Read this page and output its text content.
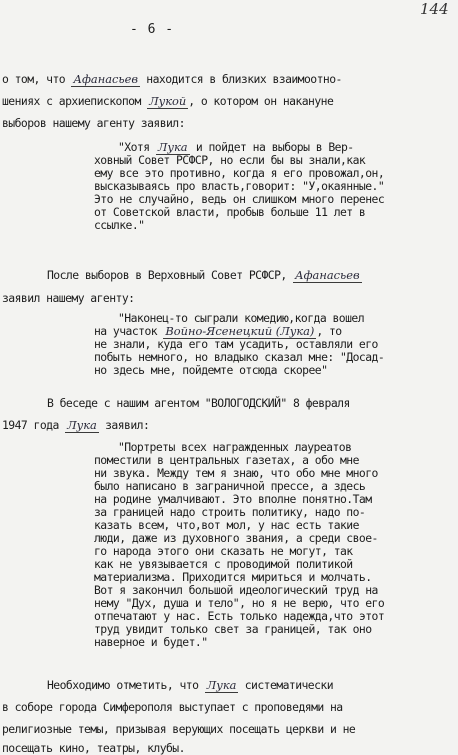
144
- 6 -
о том, что Афанасьев находится в близких взаимоотно-
шениях с архиепископом Лукой , о котором он накануне
выборов нашему агенту заявил:
"Хотя Лука и пойдет на выборы в Вер-
ховный Совет РСФСР, но если бы вы знали,как
ему все это противно, когда я его провожал,он,
высказываясь про власть,говорит: "У,окаянные."
Это не случайно, ведь он слишком много перенес
от Советской власти, пробыв больше 11 лет в
ссылке."
После выборов в Верховный Совет РСФСР, Афанасьев
заявил нашему агенту:
"Наконец-то сыграли комедию,когда вошел
на участок Войно-Ясенецкий (Лука) , то
не знали, куда его там усадить, оставляли его
побыть немного, но владыко сказал мне: "Досад-
но здесь мне, пойдемте отсюда скорее"
В беседе с нашим агентом "ВОЛОГОДСКИЙ" 8 февраля
1947 года Лука заявил:
"Портреты всех награжденных лауреатов
поместили в центральных газетах, а обо мне
ни звука. Между тем я знаю, что обо мне много
было написано в заграничной прессе, а здесь
на родине умалчивают. Это вполне понятно.Там
за границей надо строить политику, надо по-
казать всем, что,вот мол, у нас есть такие
люди, даже из духовного звания, а среди свое-
го народа этого они сказать не могут, так
как не увязывается с проводимой политикой
материализма. Приходится мириться и молчать.
Вот я закончил большой идеологический труд на
нему "Дух, душа и тело", но я не верю, что его
отпечатают у нас. Есть только надежда,что этот
труд увидит только свет за границей, так оно
наверное и будет."
Необходимо отметить, что Лука систематически
в соборе города Симферополя выступает с проповедями на
религиозные темы, призывая верующих посещать церкви и не
посещать кино, театры, клубы.
